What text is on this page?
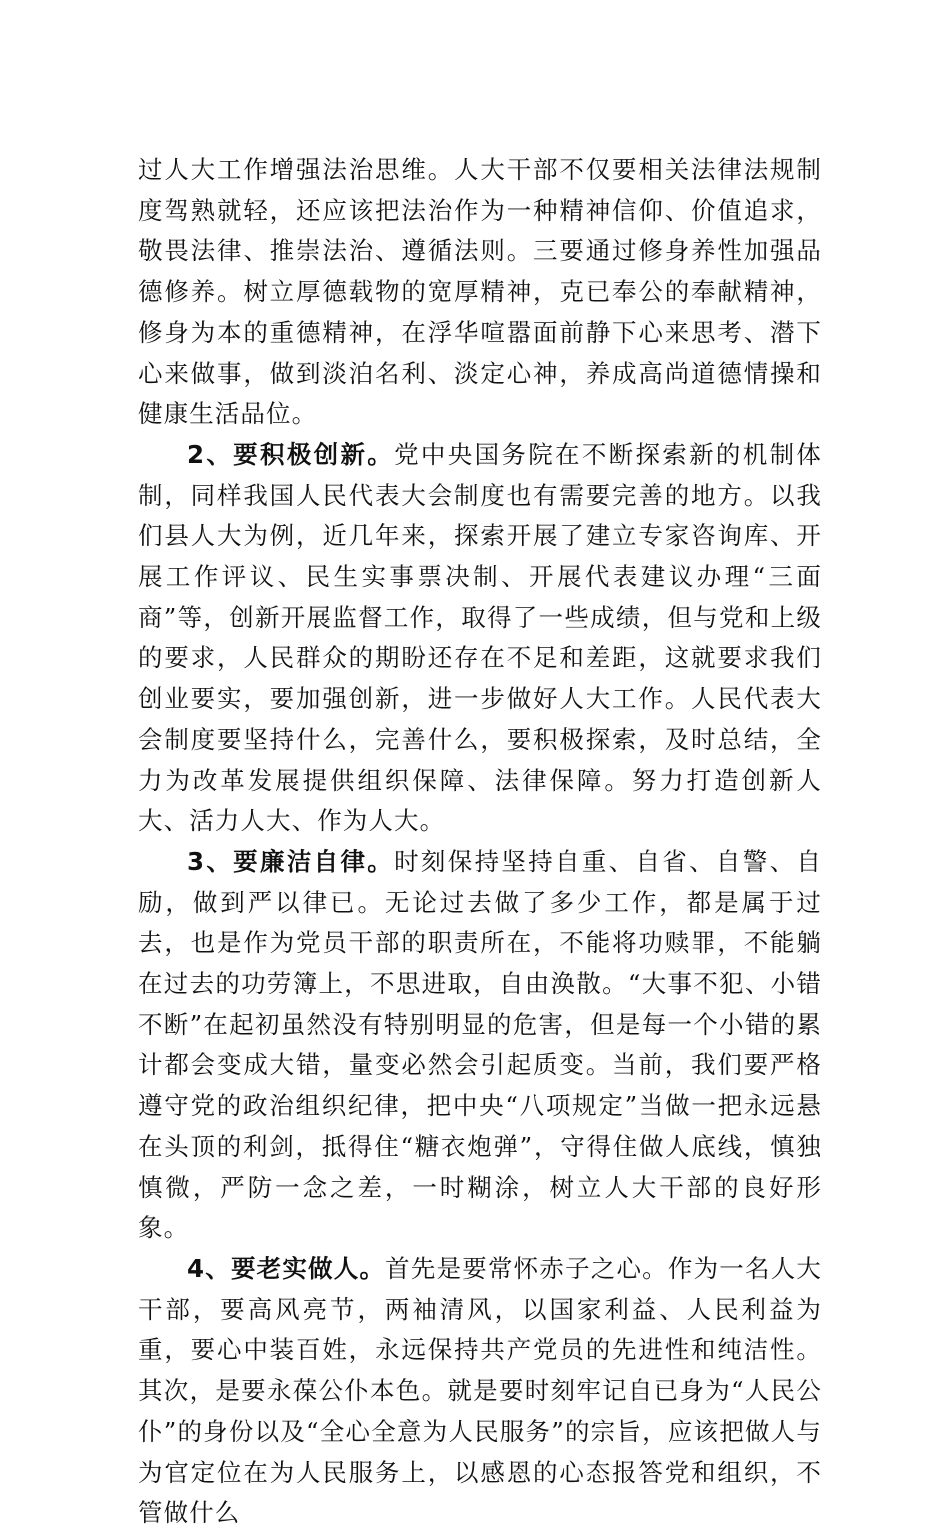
过人大工作增强法治思维。人大干部不仅要相关法律法规制度驾熟就轻，还应该把法治作为一种精神信仰、价值追求，敬畏法律、推崇法治、遵循法则。三要通过修身养性加强品德修养。树立厚德载物的宽厚精神，克已奉公的奉献精神，修身为本的重德精神，在浮华喧嚣面前静下心来思考、潜下心来做事，做到淡泊名利、淡定心神，养成高尚道德情操和健康生活品位。

2、要积极创新。党中央国务院在不断探索新的机制体制，同样我国人民代表大会制度也有需要完善的地方。以我们县人大为例，近几年来，探索开展了建立专家咨询库、开展工作评议、民生实事票决制、开展代表建议办理“三面商”等，创新开展监督工作，取得了一些成绩，但与党和上级的要求，人民群众的期盼还存在不足和差距，这就要求我们创业要实，要加强创新，进一步做好人大工作。人民代表大会制度要坚持什么，完善什么，要积极探索，及时总结，全力为改革发展提供组织保障、法律保障。努力打造创新人大、活力人大、作为人大。

3、要廉洁自律。时刻保持坚持自重、自省、自警、自励，做到严以律已。无论过去做了多少工作，都是属于过去，也是作为党员干部的职责所在，不能将功赎罪，不能躺在过去的功劳簿上，不思进取，自由涣散。“大事不犯、小错不断”在起初虽然没有特别明显的危害，但是每一个小错的累计都会变成大错，量变必然会引起质变。当前，我们要严格遵守党的政治组织纪律，把中央“八项规定”当做一把永远悬在头顶的利剑，抵得住“糖衣炮弹”，守得住做人底线，慎独慎微，严防一念之差，一时糊涂，树立人大干部的良好形象。

4、要老实做人。首先是要常怀赤子之心。作为一名人大干部，要高风亮节，两袖清风，以国家利益、人民利益为重，要心中装百姓，永远保持共产党员的先进性和纯洁性。其次，是要永葆公仆本色。就是要时刻牢记自已身为“人民公仆”的身份以及“全心全意为人民服务”的宗旨，应该把做人与为官定位在为人民服务上，以感恩的心态报答党和组织，不管做什么
